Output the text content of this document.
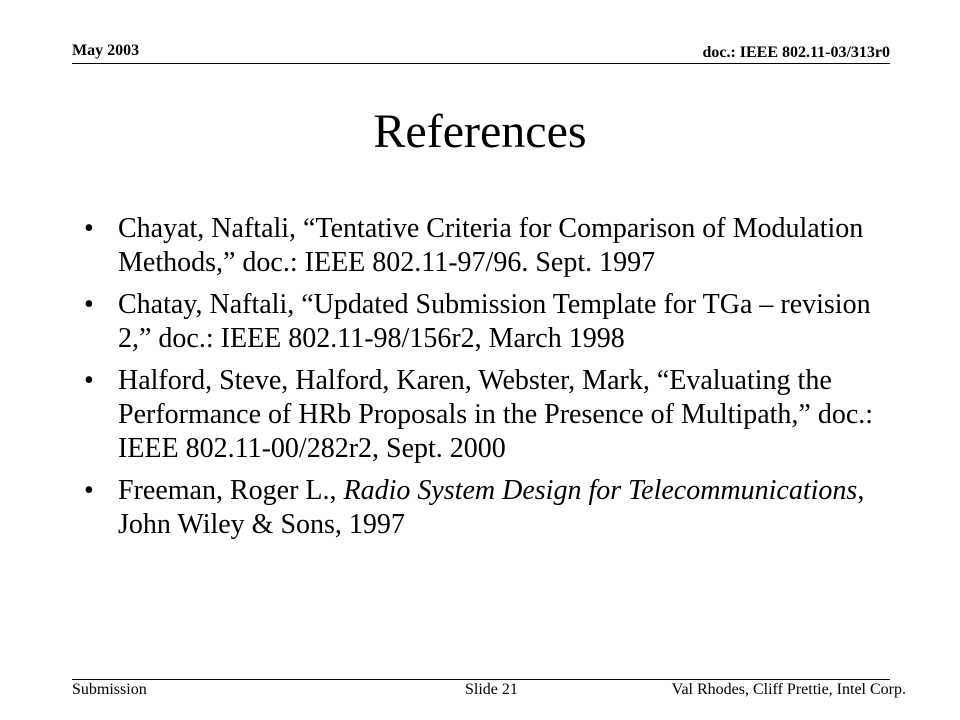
May 2003	doc.: IEEE 802.11-03/313r0
References
• Chayat, Naftali, “Tentative Criteria for Comparison of Modulation Methods,” doc.: IEEE 802.11-97/96. Sept. 1997
• Chatay, Naftali, “Updated Submission Template for TGa – revision 2,” doc.: IEEE 802.11-98/156r2, March 1998
• Halford, Steve, Halford, Karen, Webster, Mark, “Evaluating the Performance of HRb Proposals in the Presence of Multipath,” doc.: IEEE 802.11-00/282r2, Sept. 2000
• Freeman, Roger L., Radio System Design for Telecommunications, John Wiley & Sons, 1997
Submission	Slide 21	Val Rhodes, Cliff Prettie, Intel Corp.
